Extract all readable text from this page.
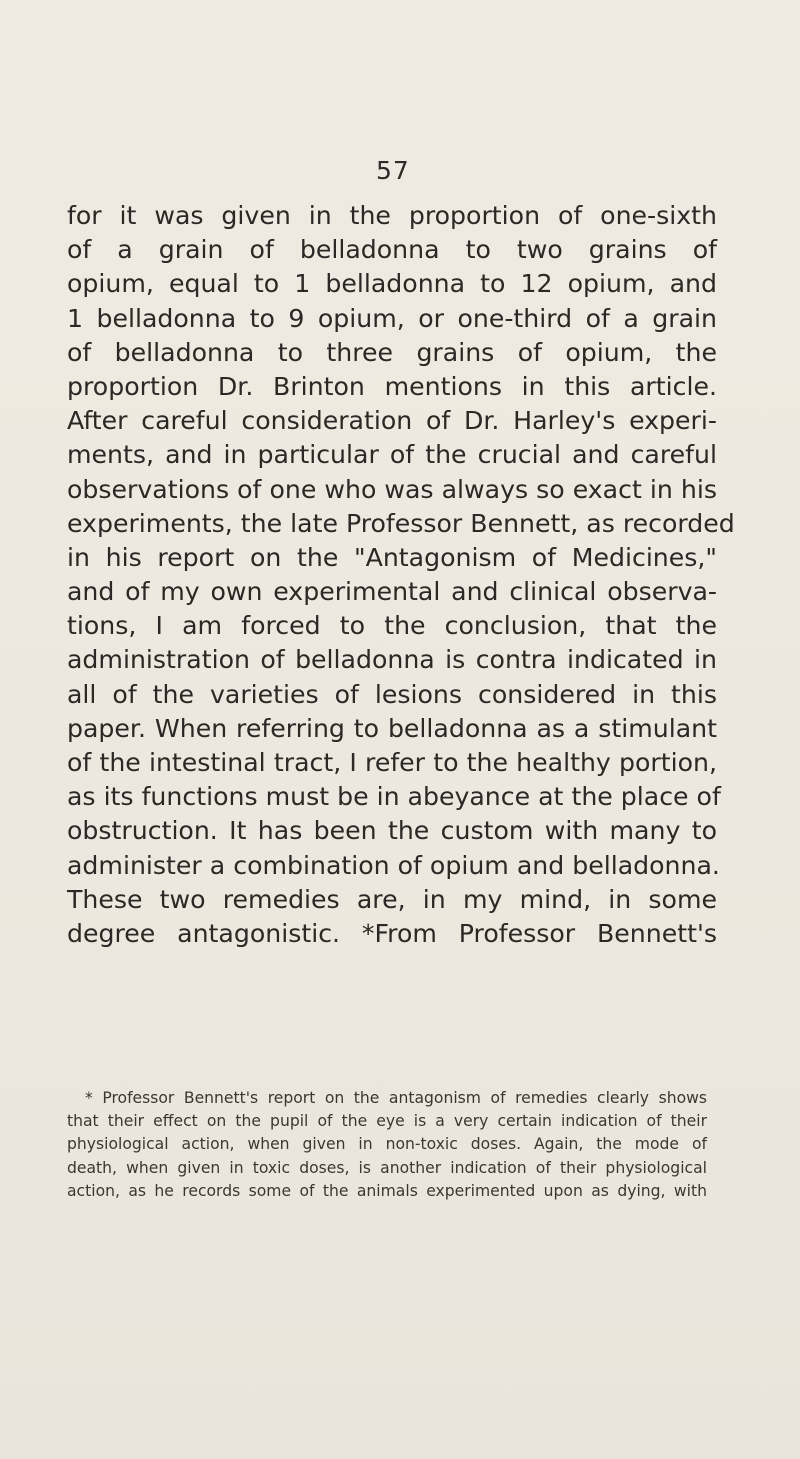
57
for it was given in the proportion of one-sixth
of a grain of belladonna to two grains of
opium, equal to 1 belladonna to 12 opium, and
1 belladonna to 9 opium, or one-third of a grain
of belladonna to three grains of opium, the
proportion Dr. Brinton mentions in this article.
After careful consideration of Dr. Harley's experi-
ments, and in particular of the crucial and careful
observations of one who was always so exact in his
experiments, the late Professor Bennett, as recorded
in his report on the "Antagonism of Medicines,"
and of my own experimental and clinical observa-
tions, I am forced to the conclusion, that the
administration of belladonna is contra indicated in
all of the varieties of lesions considered in this
paper. When referring to belladonna as a stimulant
of the intestinal tract, I refer to the healthy portion,
as its functions must be in abeyance at the place of
obstruction. It has been the custom with many to
administer a combination of opium and belladonna.
These two remedies are, in my mind, in some
degree antagonistic. *From Professor Bennett's
* Professor Bennett's report on the antagonism of remedies clearly shows
that their effect on the pupil of the eye is a very certain indication of their
physiological action, when given in non-toxic doses. Again, the mode of
death, when given in toxic doses, is another indication of their physiological
action, as he records some of the animals experimented upon as dying, with
